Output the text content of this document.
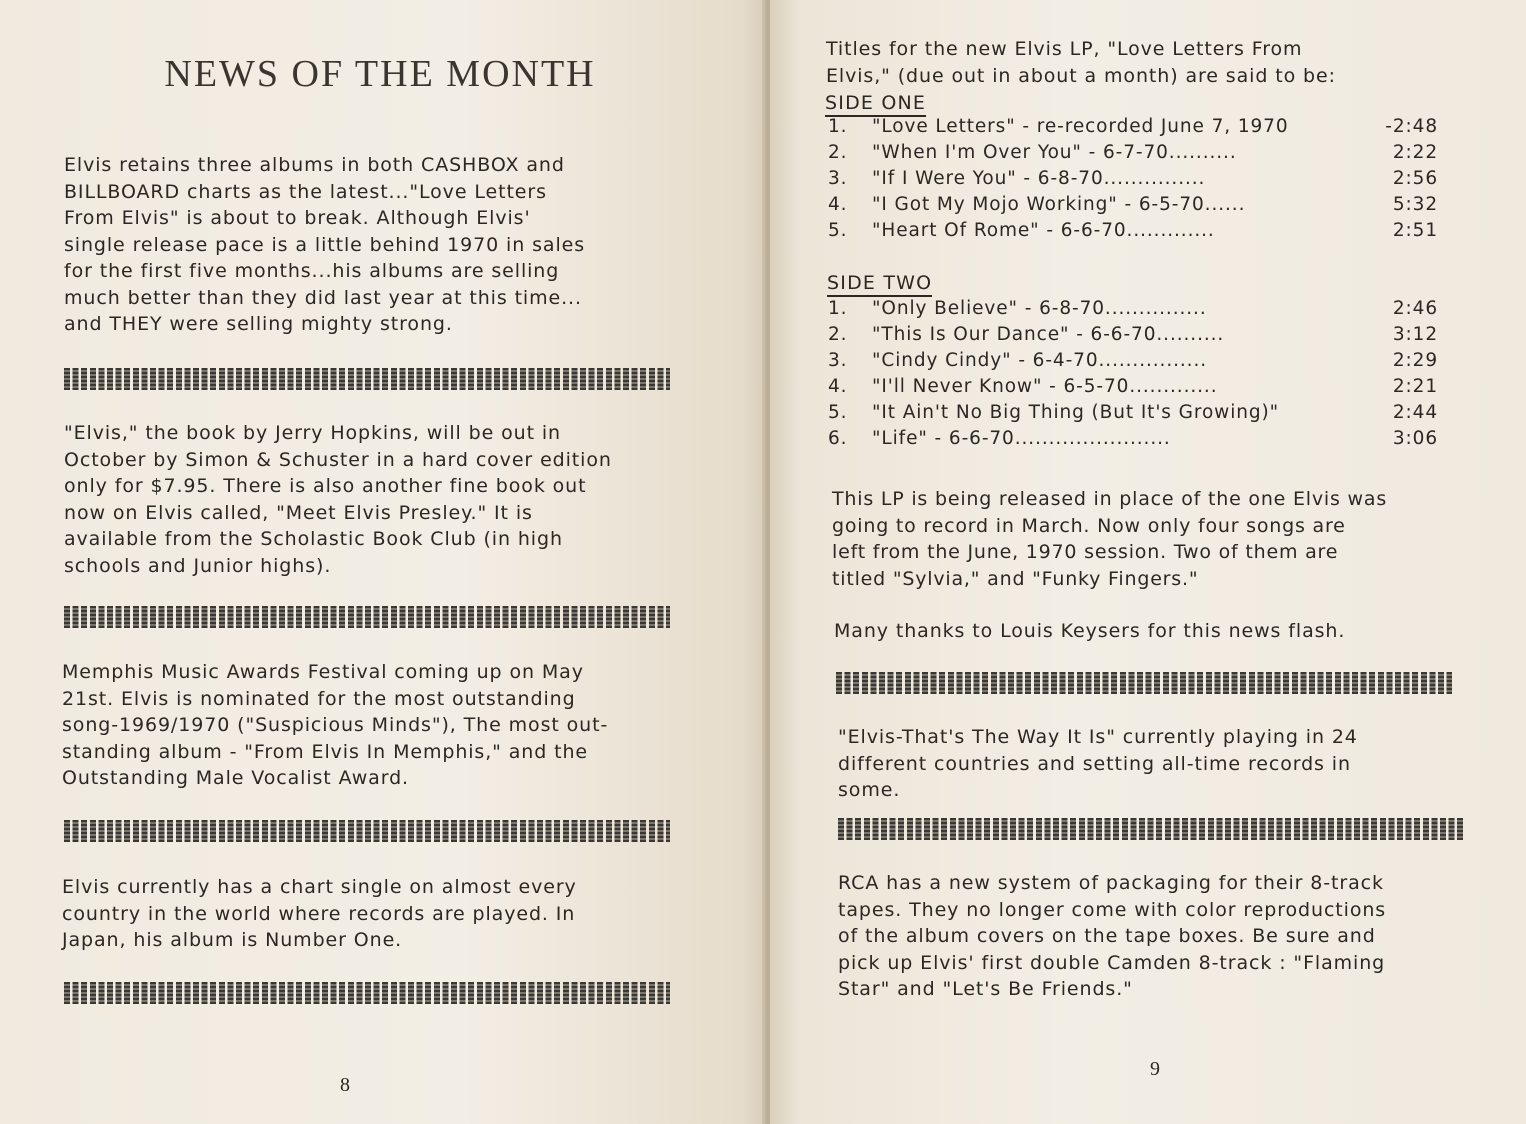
NEWS OF THE MONTH

Elvis retains three albums in both CASHBOX and
BILLBOARD charts as the latest..."Love Letters
From Elvis" is about to break. Although Elvis'
single release pace is a little behind 1970 in sales
for the first five months...his albums are selling
much better than they did last year at this time...
and THEY were selling mighty strong.

"Elvis," the book by Jerry Hopkins, will be out in
October by Simon & Schuster in a hard cover edition
only for $7.95. There is also another fine book out
now on Elvis called, "Meet Elvis Presley." It is
available from the Scholastic Book Club (in high
schools and Junior highs).

Memphis Music Awards Festival coming up on May
21st. Elvis is nominated for the most outstanding
song-1969/1970 ("Suspicious Minds"), The most out-
standing album - "From Elvis In Memphis," and the
Outstanding Male Vocalist Award.

Elvis currently has a chart single on almost every
country in the world where records are played. In
Japan, his album is Number One.

8

Titles for the new Elvis LP, "Love Letters From
Elvis," (due out in about a month) are said to be:

SIDE ONE
1. "Love Letters" - re-recorded June 7, 1970	-2:48
2. "When I'm Over You" - 6-7-70..........	2:22
3. "If I Were You" - 6-8-70...............	2:56
4. "I Got My Mojo Working" - 6-5-70......	5:32
5. "Heart Of Rome" - 6-6-70.............	2:51
SIDE TWO
1. "Only Believe" - 6-8-70...............	2:46
2. "This Is Our Dance" - 6-6-70..........	3:12
3. "Cindy Cindy" - 6-4-70................	2:29
4. "I'll Never Know" - 6-5-70.............	2:21
5. "It Ain't No Big Thing (But It's Growing)"	2:44
6. "Life" - 6-6-70.......................	3:06

This LP is being released in place of the one Elvis was
going to record in March. Now only four songs are
left from the June, 1970 session. Two of them are
titled "Sylvia," and "Funky Fingers."

Many thanks to Louis Keysers for this news flash.

"Elvis-That's The Way It Is" currently playing in 24
different countries and setting all-time records in
some.

RCA has a new system of packaging for their 8-track
tapes. They no longer come with color reproductions
of the album covers on the tape boxes. Be sure and
pick up Elvis' first double Camden 8-track : "Flaming
Star" and "Let's Be Friends."

9
